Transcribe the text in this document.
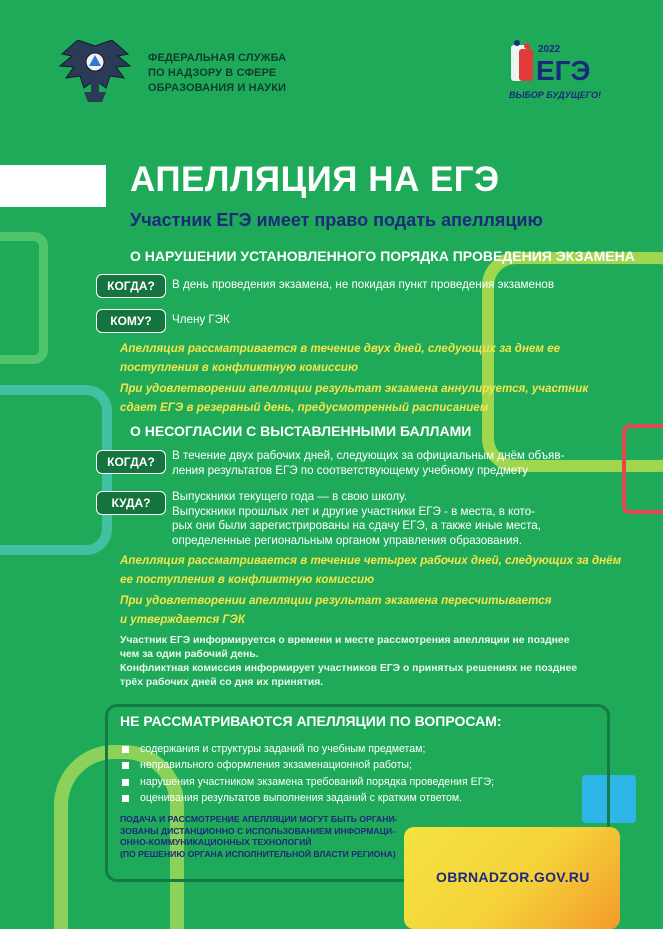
ФЕДЕРАЛЬНАЯ СЛУЖБА
ПО НАДЗОРУ В СФЕРЕ
ОБРАЗОВАНИЯ И НАУКИ
2022
ЕГЭ
ВЫБОР БУДУЩЕГО!
АПЕЛЛЯЦИЯ НА ЕГЭ
Участник ЕГЭ имеет право подать апелляцию
О НАРУШЕНИИ УСТАНОВЛЕННОГО ПОРЯДКА ПРОВЕДЕНИЯ ЭКЗАМЕНА
КОГДА?	В день проведения экзамена, не покидая пункт проведения экзаменов
КОМУ?	Члену ГЭК
Апелляция рассматривается в течение двух дней, следующих за днем ее
поступления в конфликтную комиссию
При удовлетворении апелляции результат экзамена аннулируется, участник
сдает ЕГЭ в резервный день, предусмотренный расписанием
О НЕСОГЛАСИИ С ВЫСТАВЛЕННЫМИ БАЛЛАМИ
КОГДА?	В течение двух рабочих дней, следующих за официальным днём объяв-
ления результатов ЕГЭ по соответствующему учебному предмету
КУДА?	Выпускники текущего года — в свою школу.
Выпускники прошлых лет и другие участники ЕГЭ - в места, в кото-
рых они были зарегистрированы на сдачу ЕГЭ, а также иные места,
определенные региональным органом управления образования.
Апелляция рассматривается в течение четырех рабочих дней, следующих за днём
ее поступления в конфликтную комиссию
При удовлетворении апелляции результат экзамена пересчитывается
и утверждается ГЭК
Участник ЕГЭ информируется о времени и месте рассмотрения апелляции не позднее
чем за один рабочий день.
Конфликтная комиссия информирует участников ЕГЭ о принятых решениях не позднее
трёх рабочих дней со дня их принятия.
НЕ РАССМАТРИВАЮТСЯ АПЕЛЛЯЦИИ ПО ВОПРОСАМ:
содержания и структуры заданий по учебным предметам;
неправильного оформления экзаменационной работы;
нарушения участником экзамена требований порядка проведения ЕГЭ;
оценивания результатов выполнения заданий с кратким ответом.
ПОДАЧА И РАССМОТРЕНИЕ АПЕЛЛЯЦИИ МОГУТ БЫТЬ ОРГАНИ-
ЗОВАНЫ ДИСТАНЦИОННО С ИСПОЛЬЗОВАНИЕМ ИНФОРМАЦИ-
ОННО-КОММУНИКАЦИОННЫХ ТЕХНОЛОГИЙ
(ПО РЕШЕНИЮ ОРГАНА ИСПОЛНИТЕЛЬНОЙ ВЛАСТИ РЕГИОНА)
OBRNADZOR.GOV.RU
